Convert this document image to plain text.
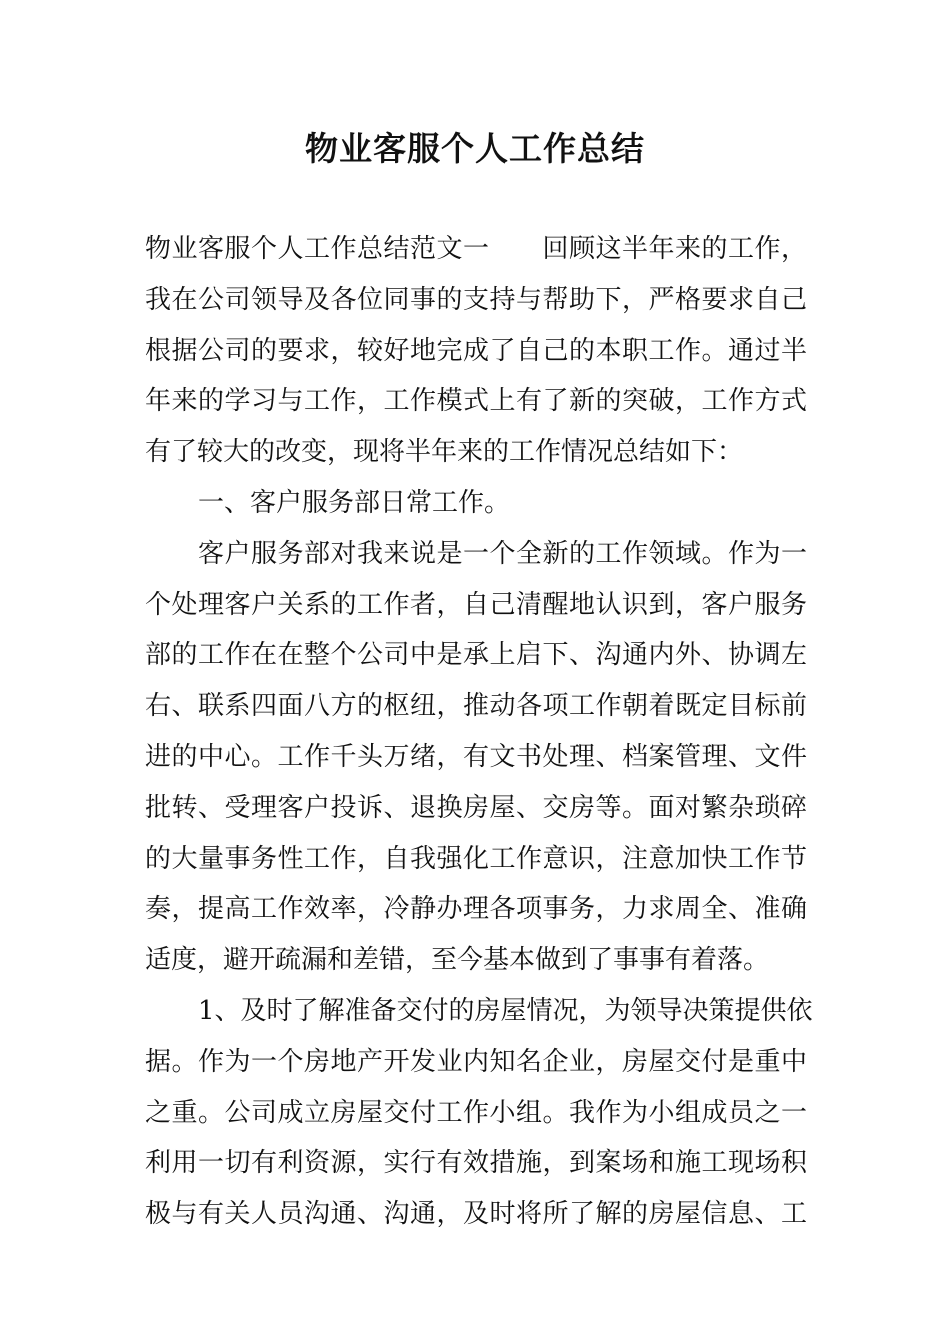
物业客服个人工作总结
物业客服个人工作总结范文一　　回顾这半年来的工作，
我在公司领导及各位同事的支持与帮助下，严格要求自己
根据公司的要求，较好地完成了自己的本职工作。通过半
年来的学习与工作，工作模式上有了新的突破，工作方式
有了较大的改变，现将半年来的工作情况总结如下：
一、客户服务部日常工作。
客户服务部对我来说是一个全新的工作领域。作为一
个处理客户关系的工作者，自己清醒地认识到，客户服务
部的工作在在整个公司中是承上启下、沟通内外、协调左
右、联系四面八方的枢纽，推动各项工作朝着既定目标前
进的中心。工作千头万绪，有文书处理、档案管理、文件
批转、受理客户投诉、退换房屋、交房等。面对繁杂琐碎
的大量事务性工作，自我强化工作意识，注意加快工作节
奏，提高工作效率，冷静办理各项事务，力求周全、准确
适度，避开疏漏和差错，至今基本做到了事事有着落。
1、及时了解准备交付的房屋情况，为领导决策提供依
据。作为一个房地产开发业内知名企业，房屋交付是重中
之重。公司成立房屋交付工作小组。我作为小组成员之一
利用一切有利资源，实行有效措施，到案场和施工现场积
极与有关人员沟通、沟通，及时将所了解的房屋信息、工
